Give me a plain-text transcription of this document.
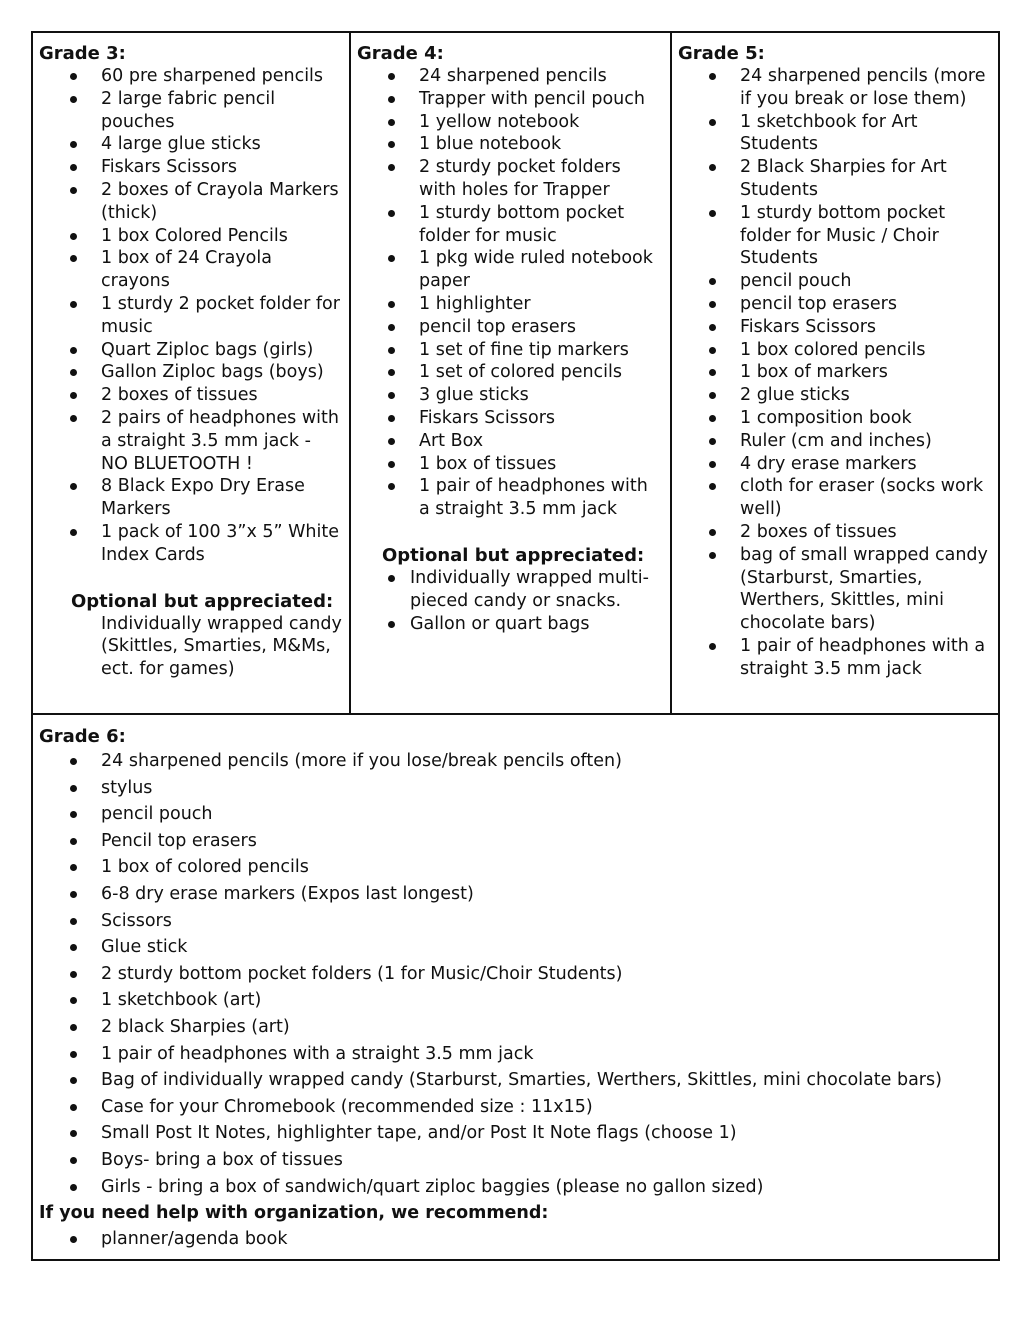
Grade 3:

60 pre sharpened pencils
2 large fabric pencil pouches
4 large glue sticks
Fiskars Scissors
2 boxes of Crayola Markers (thick)
1 box Colored Pencils
1 box of 24 Crayola crayons
1 sturdy 2 pocket folder for music
Quart Ziploc bags (girls)
Gallon Ziploc bags (boys)
2 boxes of tissues
2 pairs of headphones with a straight 3.5 mm jack - NO BLUETOOTH !
8 Black Expo Dry Erase Markers
1 pack of 100 3”x 5” White Index Cards

Optional but appreciated:

Individually wrapped candy (Skittles, Smarties, M&Ms, ect. for games)

Grade 4:

24 sharpened pencils
Trapper with pencil pouch
1 yellow notebook
1 blue notebook
2 sturdy pocket folders with holes for Trapper
1 sturdy bottom pocket folder for music
1 pkg wide ruled notebook paper
1 highlighter
pencil top erasers
1 set of fine tip markers
1 set of colored pencils
3 glue sticks
Fiskars Scissors
Art Box
1 box of tissues
1 pair of headphones with a straight 3.5 mm jack

Optional but appreciated:

Individually wrapped multi-pieced candy or snacks.
Gallon or quart bags

Grade 5:

24 sharpened pencils (more if you break or lose them)
1 sketchbook for Art Students
2 Black Sharpies for Art Students
1 sturdy bottom pocket folder for Music / Choir Students
pencil pouch
pencil top erasers
Fiskars Scissors
1 box colored pencils
1 box of markers
2 glue sticks
1 composition book
Ruler (cm and inches)
4 dry erase markers
cloth for eraser (socks work well)
2 boxes of tissues
bag of small wrapped candy (Starburst, Smarties, Werthers, Skittles, mini chocolate bars)
1 pair of headphones with a straight 3.5 mm jack

Grade 6:

24 sharpened pencils (more if you lose/break pencils often)
stylus
pencil pouch
Pencil top erasers
1 box of colored pencils
6-8 dry erase markers (Expos last longest)
Scissors
Glue stick
2 sturdy bottom pocket folders (1 for Music/Choir Students)
1 sketchbook (art)
2 black Sharpies (art)
1 pair of headphones with a straight 3.5 mm jack
Bag of individually wrapped candy (Starburst, Smarties, Werthers, Skittles, mini chocolate bars)
Case for your Chromebook (recommended size : 11x15)
Small Post It Notes, highlighter tape, and/or Post It Note flags (choose 1)
Boys- bring a box of tissues
Girls - bring a box of sandwich/quart ziploc baggies (please no gallon sized)

If you need help with organization, we recommend:

planner/agenda book
